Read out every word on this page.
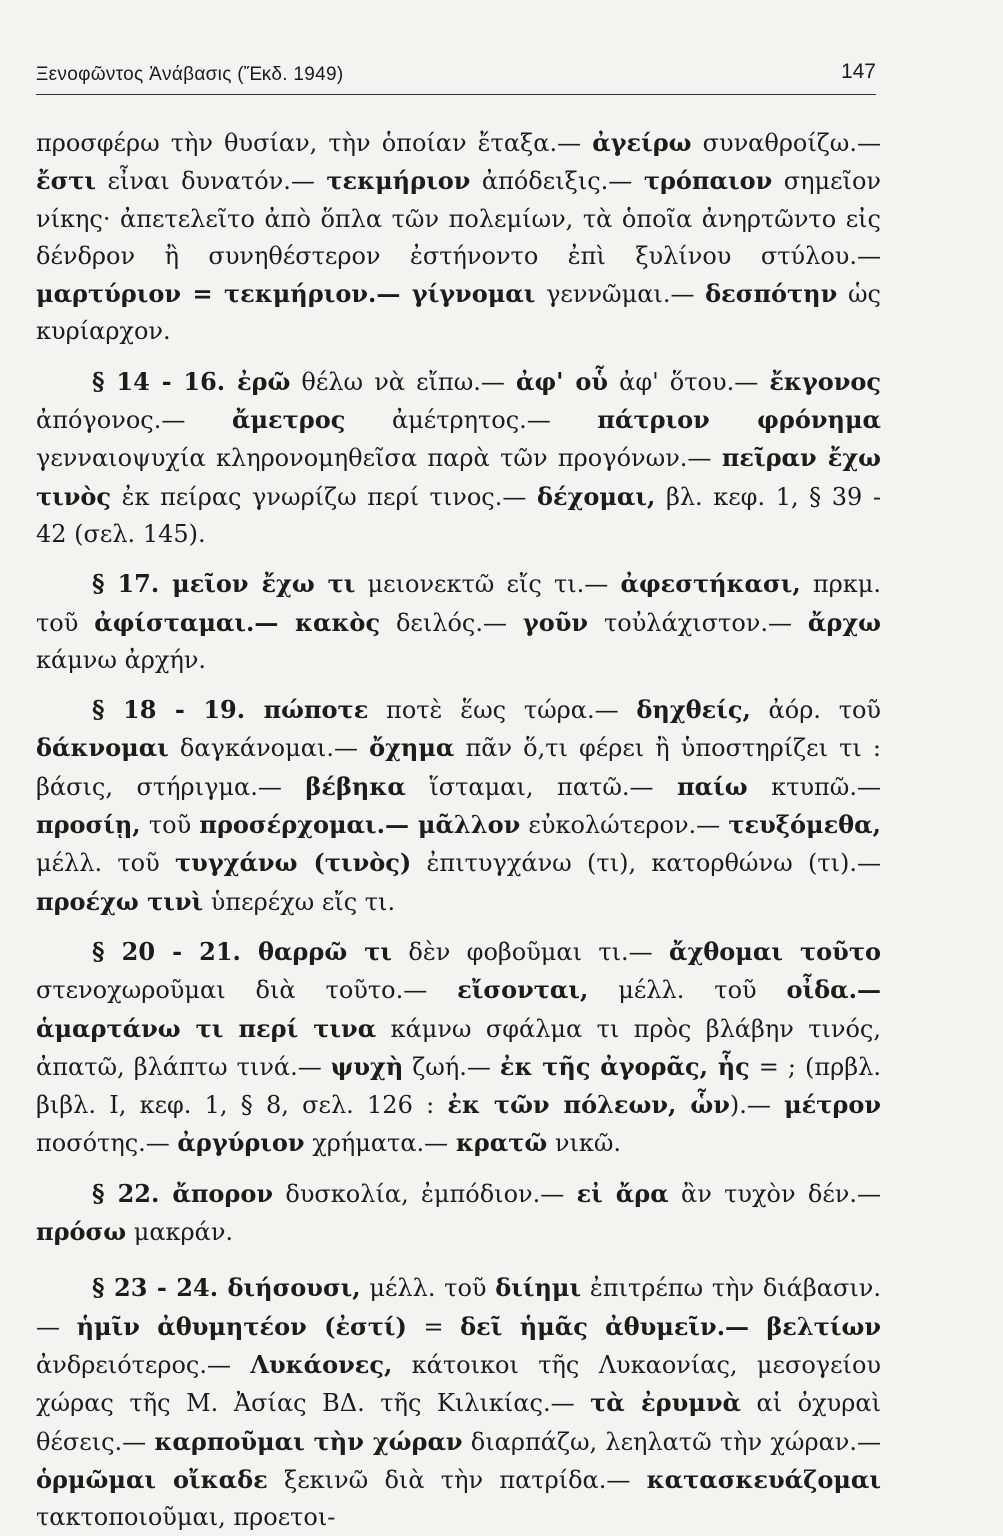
Ξενοφῶντος Ἀνάβασις (Ἔκδ. 1949)	147

προσφέρω τὴν θυσίαν, τὴν ὁποίαν ἔταξα.— ἀγείρω συναθροίζω.— ἔστι εἶναι δυνατόν.— τεκμήριον ἀπόδειξις.— τρόπαιον σημεῖον νίκης· ἀπετελεῖτο ἀπὸ ὅπλα τῶν πολεμίων, τὰ ὁποῖα ἀνηρτῶντο εἰς δένδρον ἢ συνηθέστερον ἐστήνοντο ἐπὶ ξυλίνου στύλου.— μαρτύριον = τεκμήριον.— γίγνομαι γεννῶμαι.— δεσπότην ὡς κυρίαρχον.

§ 14 - 16. ἐρῶ θέλω νὰ εἴπω.— ἀφ' οὗ ἀφ' ὅτου.— ἔκγονος ἀπόγονος.— ἄμετρος ἀμέτρητος.— πάτριον φρόνημα γενναιοψυχία κληρονομηθεῖσα παρὰ τῶν προγόνων.— πεῖραν ἔχω τινὸς ἐκ πείρας γνωρίζω περί τινος.— δέχομαι, βλ. κεφ. 1, § 39 - 42 (σελ. 145).

§ 17. μεῖον ἔχω τι μειονεκτῶ εἴς τι.— ἀφεστήκασι, πρκμ. τοῦ ἀφίσταμαι.— κακὸς δειλός.— γοῦν τοὐλάχιστον.— ἄρχω κάμνω ἀρχήν.

§ 18 - 19. πώποτε ποτὲ ἕως τώρα.— δηχθείς, ἀόρ. τοῦ δάκνομαι δαγκάνομαι.— ὄχημα πᾶν ὅ,τι φέρει ἢ ὑποστηρίζει τι : βάσις, στήριγμα.— βέβηκα ἵσταμαι, πατῶ.— παίω κτυπῶ.— προσίῃ, τοῦ προσέρχομαι.— μᾶλλον εὐκολώτερον.— τευξόμεθα, μέλλ. τοῦ τυγχάνω (τινὸς) ἐπιτυγχάνω (τι), κατορθώνω (τι).— προέχω τινὶ ὑπερέχω εἴς τι.

§ 20 - 21. θαρρῶ τι δὲν φοβοῦμαι τι.— ἄχθομαι τοῦτο στενοχωροῦμαι διὰ τοῦτο.— εἴσονται, μέλλ. τοῦ οἶδα.— ἁμαρτάνω τι περί τινα κάμνω σφάλμα τι πρὸς βλάβην τινός, ἀπατῶ, βλάπτω τινά.— ψυχὴ ζωή.— ἐκ τῆς ἀγορᾶς, ἧς = ; (πρβλ. βιβλ. Ι, κεφ. 1, § 8, σελ. 126 : ἐκ τῶν πόλεων, ὧν).— μέτρον ποσότης.— ἀργύριον χρήματα.— κρατῶ νικῶ.

§ 22. ἄπορον δυσκολία, ἐμπόδιον.— εἰ ἄρα ἂν τυχὸν δέν.— πρόσω μακράν.

§ 23 - 24. διήσουσι, μέλλ. τοῦ διίημι ἐπιτρέπω τὴν διάβασιν.— ἡμῖν ἀθυμητέον (ἐστί) = δεῖ ἡμᾶς ἀθυμεῖν.— βελτίων ἀνδρειότερος.— Λυκάονες, κάτοικοι τῆς Λυκαονίας, μεσογείου χώρας τῆς Μ. Ἀσίας ΒΔ. τῆς Κιλικίας.— τὰ ἐρυμνὰ αἱ ὀχυραὶ θέσεις.— καρποῦμαι τὴν χώραν διαρπάζω, λεηλατῶ τὴν χώραν.— ὁρμῶμαι οἴκαδε ξεκινῶ διὰ τὴν πατρίδα.— κατασκευάζομαι τακτοποιοῦμαι, προετοι-
